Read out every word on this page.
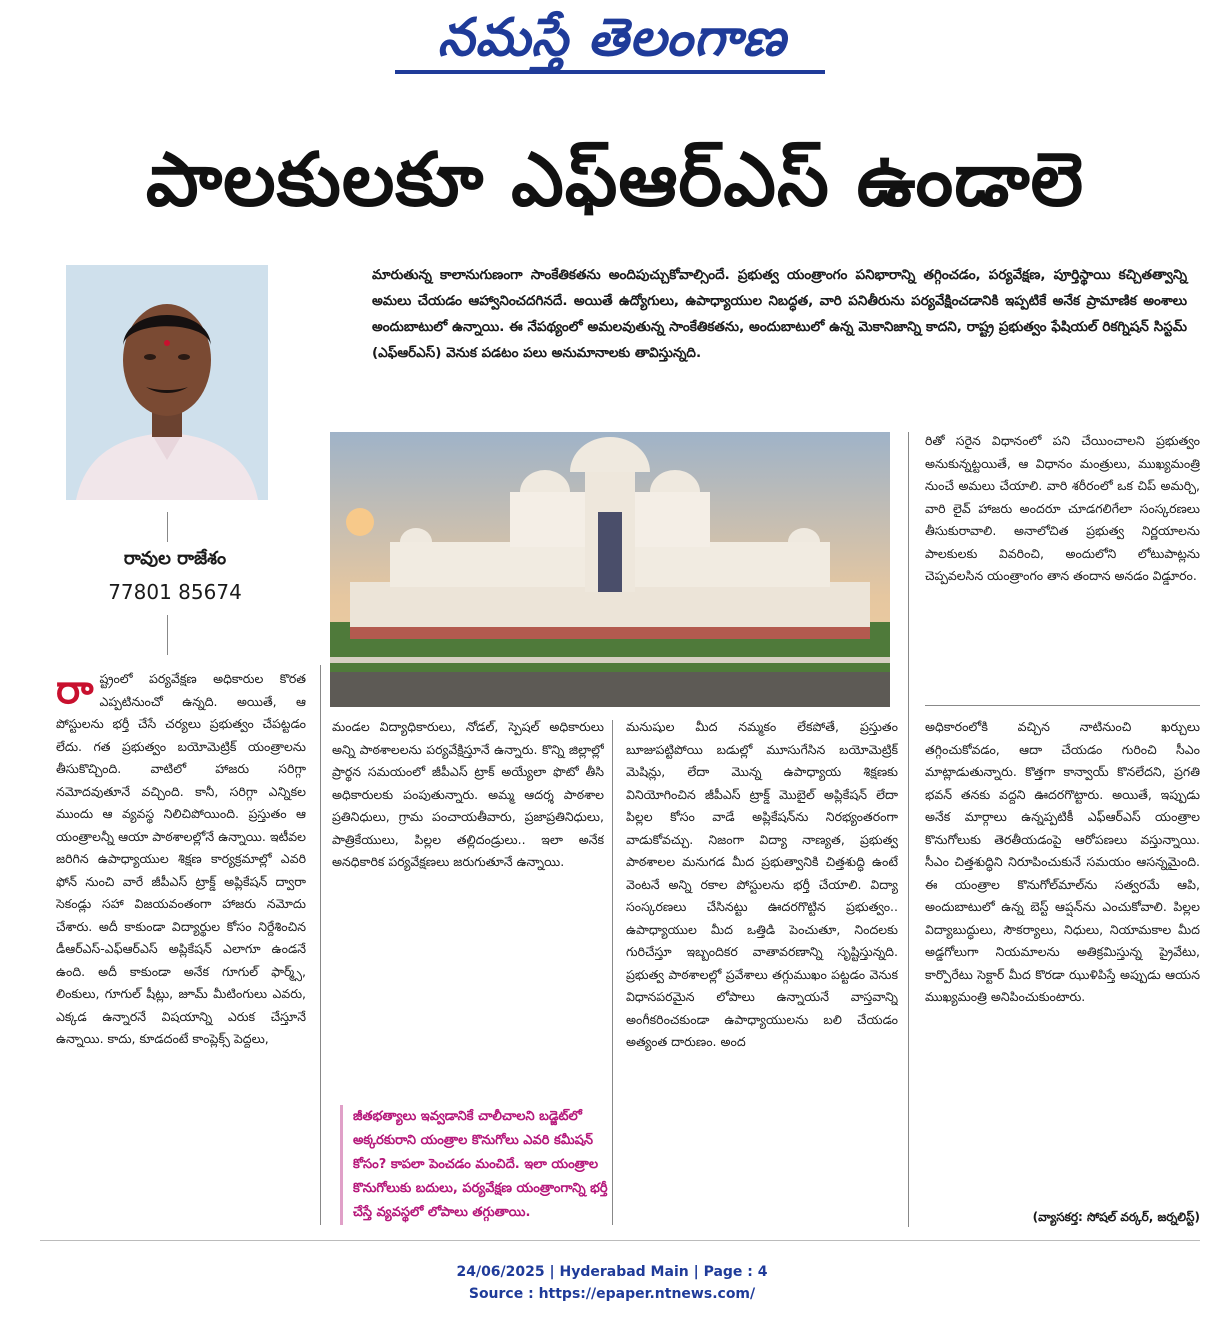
నమస్తే తెలంగాణ
పాలకులకూ ఎఫ్‌ఆర్‌ఎస్ ఉండాలె
రావుల రాజేశం
77801 85674
మారుతున్న కాలానుగుణంగా సాంకేతికతను అందిపుచ్చుకోవాల్సిందే. ప్రభుత్వ యంత్రాంగం పనిభారాన్ని తగ్గించడం, పర్యవేక్షణ, పూర్తిస్థాయి కచ్చితత్వాన్ని అమలు చేయడం ఆహ్వానించదగినదే. అయితే ఉద్యోగులు, ఉపాధ్యాయుల నిబద్ధత, వారి పనితీరును పర్యవేక్షించడానికి ఇప్పటికే అనేక ప్రామాణిక అంశాలు అందుబాటులో ఉన్నాయి. ఈ నేపథ్యంలో అమలవుతున్న సాంకేతికతను, అందుబాటులో ఉన్న మెకానిజాన్ని కాదని, రాష్ట్ర ప్రభుత్వం ఫేషియల్ రికగ్నిషన్ సిస్టమ్ (ఎఫ్‌ఆర్‌ఎస్) వెనుక పడటం పలు అనుమానాలకు తావిస్తున్నది.
రాష్ట్రంలో పర్యవేక్షణ అధికారుల కొరత ఎప్పటినుంచో ఉన్నది. అయితే, ఆ పోస్టులను భర్తీ చేసే చర్యలు ప్రభుత్వం చేపట్టడం లేదు. గత ప్రభుత్వం బయోమెట్రిక్ యంత్రాలను తీసుకొచ్చింది. వాటిలో హాజరు సరిగ్గా నమోదవుతూనే వచ్చింది. కానీ, సరిగ్గా ఎన్నికల ముందు ఆ వ్యవస్థ నిలిచిపోయింది. ప్రస్తుతం ఆ యంత్రాలన్నీ ఆయా పాఠశాలల్లోనే ఉన్నాయి. ఇటీవల జరిగిన ఉపాధ్యాయుల శిక్షణ కార్యక్రమాల్లో ఎవరి ఫోన్ నుంచి వారే జీపీఎస్ ట్రాక్డ్ అప్లికేషన్ ద్వారా సెకండ్లు సహా విజయవంతంగా హాజరు నమోదు చేశారు. అదీ కాకుండా విద్యార్థుల కోసం నిర్దేశించిన డీఆర్‌ఎస్-ఎఫ్‌ఆర్‌ఎస్ అప్లికేషన్ ఎలాగూ ఉండనే ఉంది. అదీ కాకుండా అనేక గూగుల్ ఫార్మ్స్, లింకులు, గూగుల్ షీట్లు, జూమ్ మీటింగులు ఎవరు, ఎక్కడ ఉన్నారనే విషయాన్ని ఎరుక చేస్తూనే ఉన్నాయి. కాదు, కూడదంటే కాంప్లెక్స్ పెద్దలు,
మండల విద్యాధికారులు, నోడల్, స్పెషల్ అధికారులు అన్ని పాఠశాలలను పర్యవేక్షిస్తూనే ఉన్నారు. కొన్ని జిల్లాల్లో ప్రార్థన సమయంలో జీపీఎస్ ట్రాక్ అయ్యేలా ఫొటో తీసి అధికారులకు పంపుతున్నారు. అమ్మ ఆదర్శ పాఠశాల ప్రతినిధులు, గ్రామ పంచాయతీవారు, ప్రజాప్రతినిధులు, పాత్రికేయులు, పిల్లల తల్లిదండ్రులు.. ఇలా అనేక అనధికారిక పర్యవేక్షణలు జరుగుతూనే ఉన్నాయి.
జీతభత్యాలు ఇవ్వడానికే చాలీచాలని బడ్జెట్‌లో అక్కరకురాని యంత్రాల కొనుగోలు ఎవరి కమీషన్ కోసం? కాపలా పెంచడం మంచిదే. ఇలా యంత్రాల కొనుగోలుకు బదులు, పర్యవేక్షణ యంత్రాంగాన్ని భర్తీ చేస్తే వ్యవస్థలో లోపాలు తగ్గుతాయి.
మనుషుల మీద నమ్మకం లేకపోతే, ప్రస్తుతం బూజుపట్టిపోయి బడుల్లో మూసుగేసిన బయోమెట్రిక్ మెషిన్లు, లేదా మొన్న ఉపాధ్యాయ శిక్షణకు వినియోగించిన జీపీఎస్ ట్రాక్డ్ మొబైల్ అప్లికేషన్ లేదా పిల్లల కోసం వాడే అప్లికేషన్‌ను నిరభ్యంతరంగా వాడుకోవచ్చు. నిజంగా విద్యా నాణ్యత, ప్రభుత్వ పాఠశాలల మనుగడ మీద ప్రభుత్వానికి చిత్తశుద్ధి ఉంటే వెంటనే అన్ని రకాల పోస్టులను భర్తీ చేయాలి. విద్యా సంస్కరణలు చేసినట్టు ఊదరగొట్టిన ప్రభుత్వం.. ఉపాధ్యాయుల మీద ఒత్తిడి పెంచుతూ, నిందలకు గురిచేస్తూ ఇబ్బందికర వాతావరణాన్ని సృష్టిస్తున్నది. ప్రభుత్వ పాఠశాలల్లో ప్రవేశాలు తగ్గుముఖం పట్టడం వెనుక విధానపరమైన లోపాలు ఉన్నాయనే వాస్తవాన్ని అంగీకరించకుండా ఉపాధ్యాయులను బలి చేయడం అత్యంత దారుణం. అంద
రితో సరైన విధానంలో పని చేయించాలని ప్రభుత్వం అనుకున్నట్టయితే, ఆ విధానం మంత్రులు, ముఖ్యమంత్రి నుంచే అమలు చేయాలి. వారి శరీరంలో ఒక చిప్ అమర్చి, వారి లైవ్ హాజరు అందరూ చూడగలిగేలా సంస్కరణలు తీసుకురావాలి. అనాలోచిత ప్రభుత్వ నిర్ణయాలను పాలకులకు వివరించి, అందులోని లోటుపాట్లను చెప్పవలసిన యంత్రాంగం తాన తందాన అనడం విడ్డూరం.
అధికారంలోకి వచ్చిన నాటినుంచి ఖర్చులు తగ్గించుకోవడం, ఆదా చేయడం గురించి సీఎం మాట్లాడుతున్నారు. కొత్తగా కాన్వాయ్ కొనలేదని, ప్రగతి భవన్ తనకు వద్దని ఊదరగొట్టారు. అయితే, ఇప్పుడు అనేక మార్గాలు ఉన్నప్పటికీ ఎఫ్‌ఆర్‌ఎస్ యంత్రాల కొనుగోలుకు తెరతీయడంపై ఆరోపణలు వస్తున్నాయి. సీఎం చిత్తశుద్ధిని నిరూపించుకునే సమయం ఆసన్నమైంది. ఈ యంత్రాల కొనుగోల్‌మాల్‌ను సత్వరమే ఆపి, అందుబాటులో ఉన్న బెస్ట్ ఆప్షన్‌ను ఎంచుకోవాలి. పిల్లల విద్యాబుద్ధులు, సౌకర్యాలు, నిధులు, నియామకాల మీద అడ్డగోలుగా నియమాలను అతిక్రమిస్తున్న ప్రైవేటు, కార్పొరేటు సెక్టార్ మీద కొరడా ఝుళిపిస్తే అప్పుడు ఆయన ముఖ్యమంత్రి అనిపించుకుంటారు.
(వ్యాసకర్త: సోషల్ వర్కర్, జర్నలిస్ట్)
24/06/2025 | Hyderabad Main | Page : 4
Source : https://epaper.ntnews.com/
